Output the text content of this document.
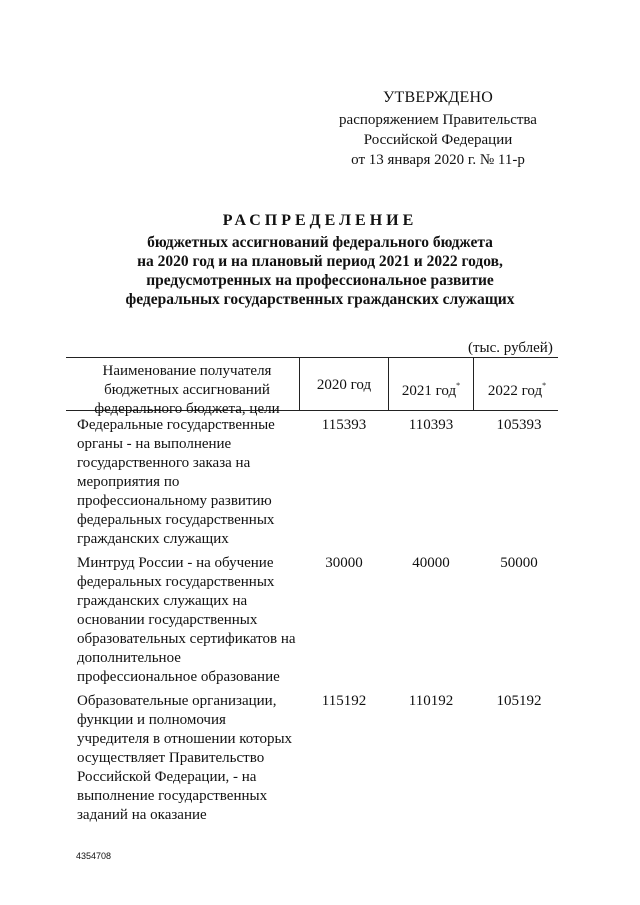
УТВЕРЖДЕНО
распоряжением Правительства
Российской Федерации
от 13 января 2020 г. № 11-р
РАСПРЕДЕЛЕНИЕ
бюджетных ассигнований федерального бюджета
на 2020 год и на плановый период 2021 и 2022 годов,
предусмотренных на профессиональное развитие
федеральных государственных гражданских служащих
(тыс. рублей)
Наименование получателя
бюджетных ассигнований
федерального бюджета, цели
2020 год	2021 год*	2022 год*
Федеральные государственные
органы - на выполнение
государственного заказа на
мероприятия по
профессиональному развитию
федеральных государственных
гражданских служащих
115393	110393	105393
Минтруд России - на обучение
федеральных государственных
гражданских служащих на
основании государственных
образовательных сертификатов на
дополнительное
профессиональное образование
30000	40000	50000
Образовательные организации,
функции и полномочия
учредителя в отношении которых
осуществляет Правительство
Российской Федерации, - на
выполнение государственных
заданий на оказание
115192	110192	105192
4354708
